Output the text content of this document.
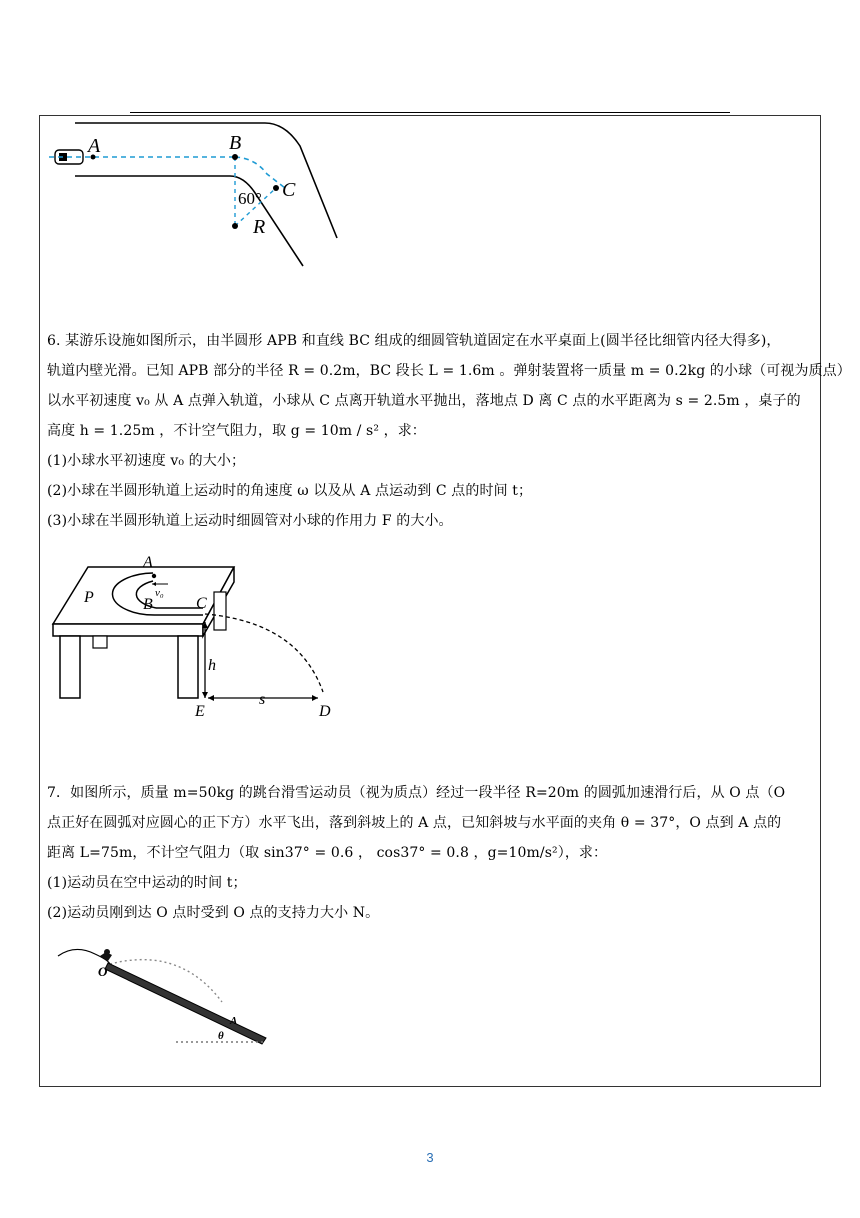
A	B
C
R
60°

6. 某游乐设施如图所示，由半圆形 APB 和直线 BC 组成的细圆管轨道固定在水平桌面上(圆半径比细管内径大得多)，

轨道内壁光滑。已知 APB 部分的半径 R = 0.2m，BC 段长 L = 1.6m 。弹射装置将一质量 m = 0.2kg 的小球（可视为质点）

以水平初速度 v₀ 从 A 点弹入轨道，小球从 C 点离开轨道水平抛出，落地点 D 离 C 点的水平距离为 s = 2.5m ，桌子的

高度 h = 1.25m ，不计空气阻力，取 g = 10m / s² ，求：

(1)小球水平初速度 v₀ 的大小；

(2)小球在半圆形轨道上运动时的角速度 ω 以及从 A 点运动到 C 点的时间 t；

(3)小球在半圆形轨道上运动时细圆管对小球的作用力 F 的大小。

A
P	B	C
v₀
h
E
s
D

7．如图所示，质量 m=50kg 的跳台滑雪运动员（视为质点）经过一段半径 R=20m 的圆弧加速滑行后，从 O 点（O

点正好在圆弧对应圆心的正下方）水平飞出，落到斜坡上的 A 点，已知斜坡与水平面的夹角 θ = 37°，O 点到 A 点的

距离 L=75m，不计空气阻力（取 sin37° = 0.6 ， cos37° = 0.8 ，g=10m/s²），求：

(1)运动员在空中运动的时间 t；

(2)运动员刚到达 O 点时受到 O 点的支持力大小 N。

O
A
θ
3
